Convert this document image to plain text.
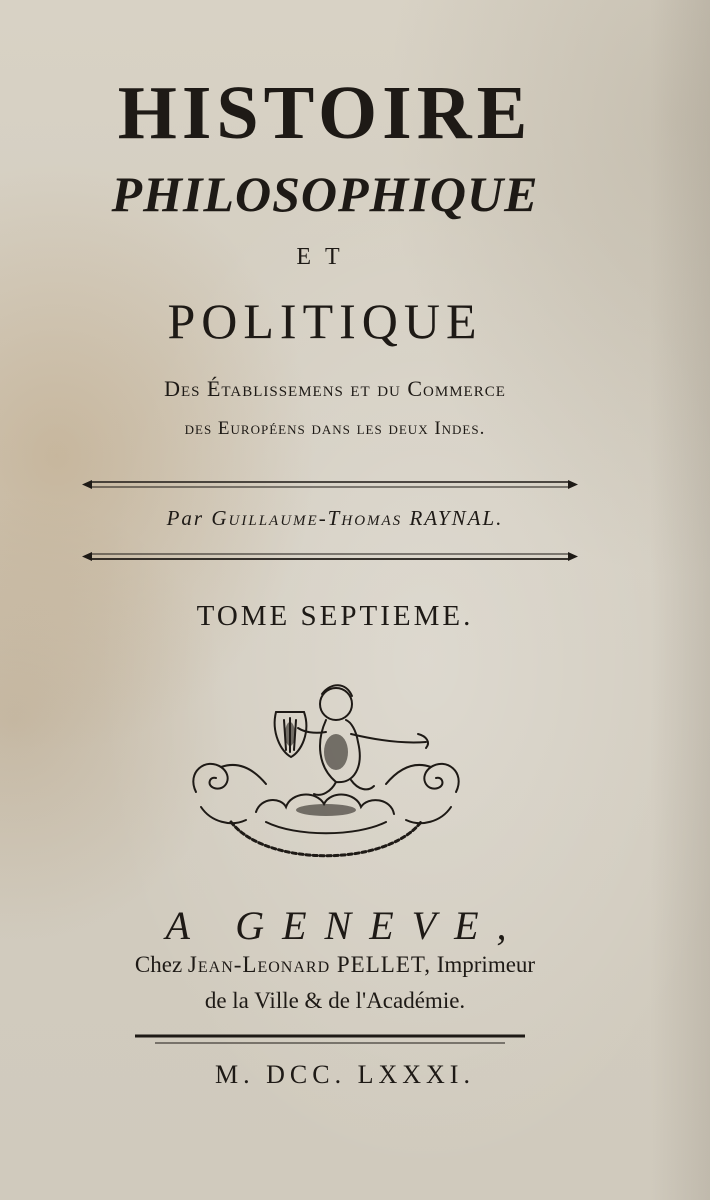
HISTOIRE
PHILOSOPHIQUE
ET
POLITIQUE
Des Établissemens et du Commerce
des Européens dans les deux Indes.
Par Guillaume-Thomas RAYNAL.
TOME SEPTIEME.
A GENEVE,
Chez Jean-Leonard PELLET, Imprimeur
de la Ville & de l'Académie.
M. DCC. LXXXI.
